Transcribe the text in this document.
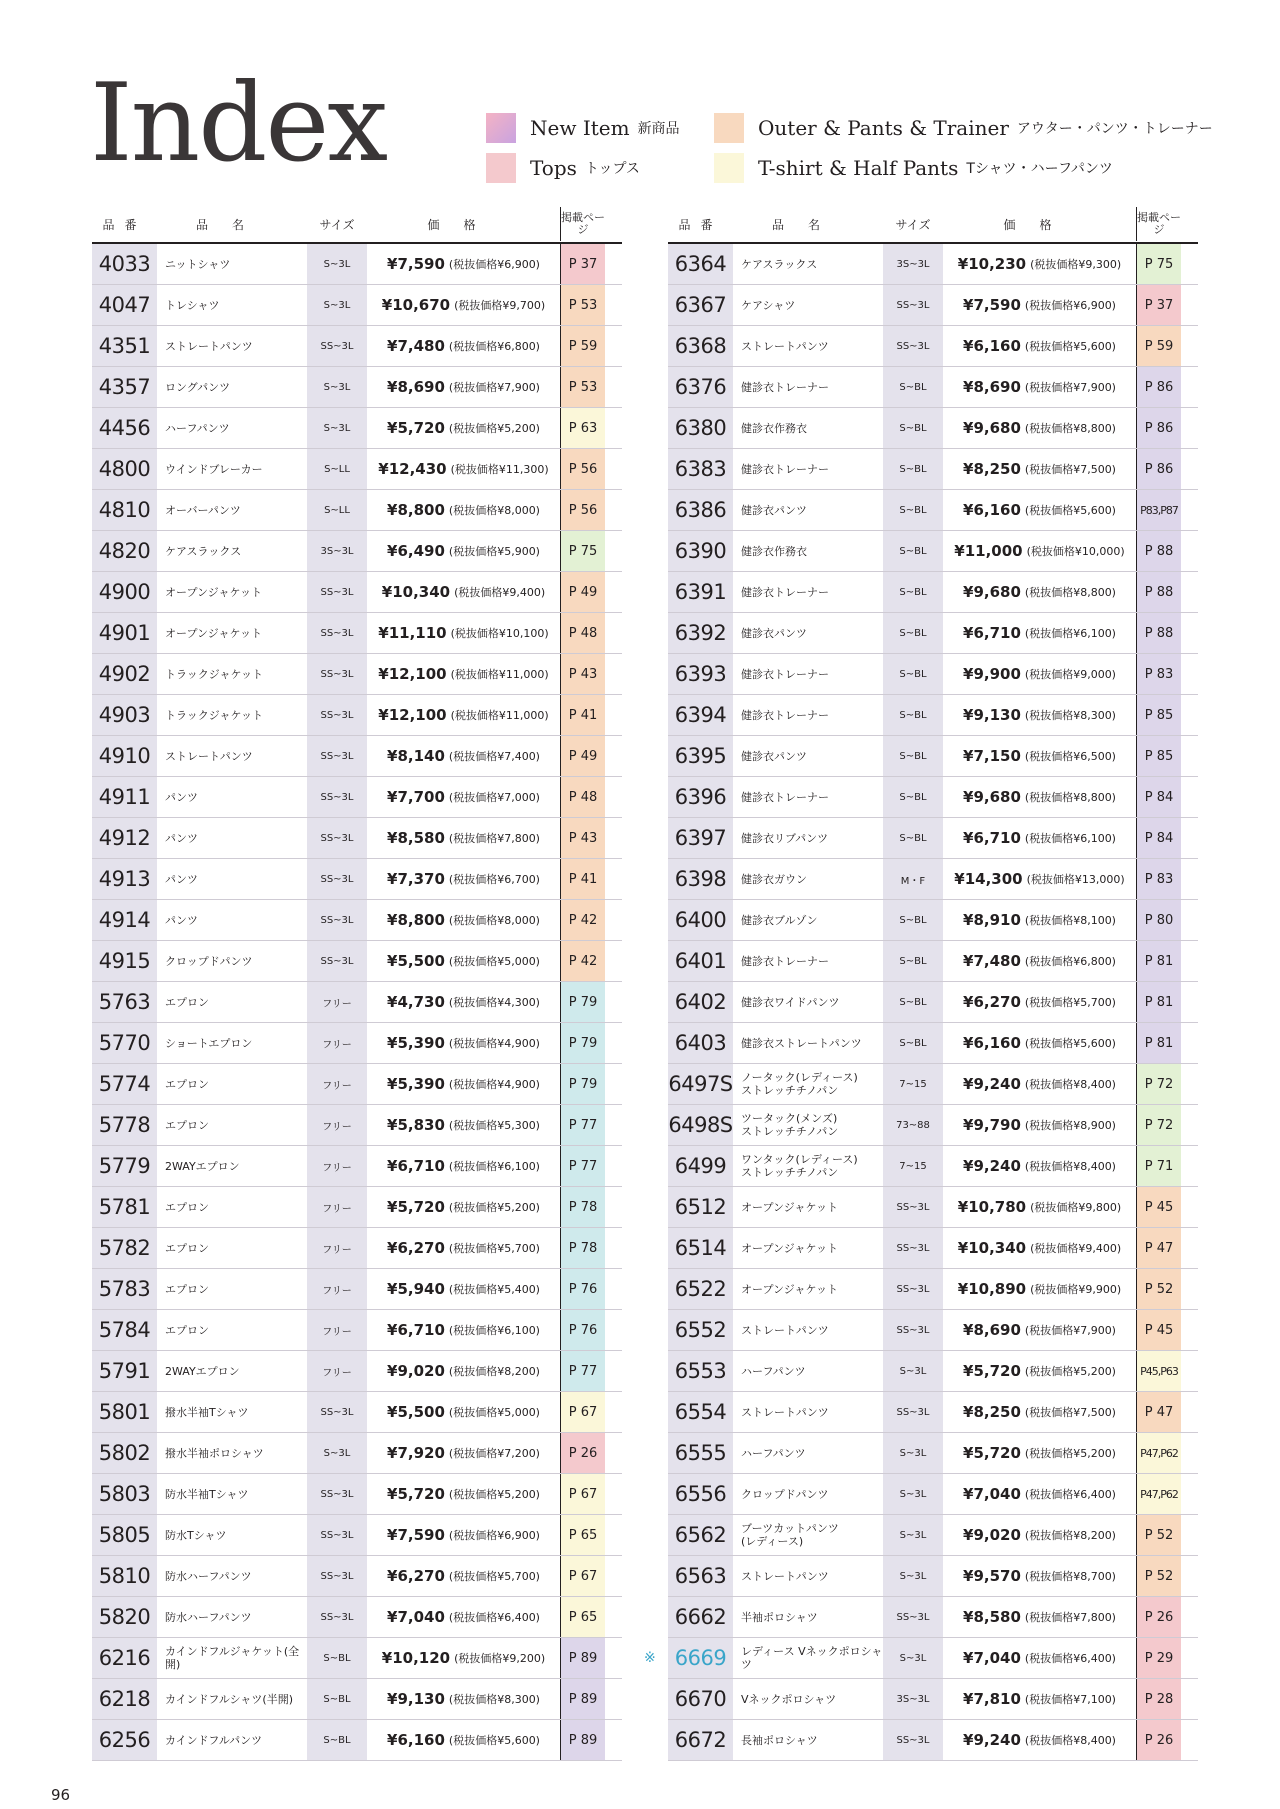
Index	New Item 新商品	Outer & Pants & Trainer アウター・パンツ・トレーナー
Tops トップス	T-shirt & Half Pants Tシャツ・ハーフパンツ
品番	品名	サイズ	価格	掲載ページ
4033	ニットシャツ	S~3L	¥7,590 (税抜価格¥6,900)	P 37
4047	トレシャツ	S~3L	¥10,670 (税抜価格¥9,700)	P 53
4351	ストレートパンツ	SS~3L	¥7,480 (税抜価格¥6,800)	P 59
4357	ロングパンツ	S~3L	¥8,690 (税抜価格¥7,900)	P 53
4456	ハーフパンツ	S~3L	¥5,720 (税抜価格¥5,200)	P 63
4800	ウインドブレーカー	S~LL	¥12,430 (税抜価格¥11,300)	P 56
4810	オーバーパンツ	S~LL	¥8,800 (税抜価格¥8,000)	P 56
4820	ケアスラックス	3S~3L	¥6,490 (税抜価格¥5,900)	P 75
4900	オープンジャケット	SS~3L	¥10,340 (税抜価格¥9,400)	P 49
4901	オープンジャケット	SS~3L	¥11,110 (税抜価格¥10,100)	P 48
4902	トラックジャケット	SS~3L	¥12,100 (税抜価格¥11,000)	P 43
4903	トラックジャケット	SS~3L	¥12,100 (税抜価格¥11,000)	P 41
4910	ストレートパンツ	SS~3L	¥8,140 (税抜価格¥7,400)	P 49
4911	パンツ	SS~3L	¥7,700 (税抜価格¥7,000)	P 48
4912	パンツ	SS~3L	¥8,580 (税抜価格¥7,800)	P 43
4913	パンツ	SS~3L	¥7,370 (税抜価格¥6,700)	P 41
4914	パンツ	SS~3L	¥8,800 (税抜価格¥8,000)	P 42
4915	クロップドパンツ	SS~3L	¥5,500 (税抜価格¥5,000)	P 42
5763	エプロン	フリー	¥4,730 (税抜価格¥4,300)	P 79
5770	ショートエプロン	フリー	¥5,390 (税抜価格¥4,900)	P 79
5774	エプロン	フリー	¥5,390 (税抜価格¥4,900)	P 79
5778	エプロン	フリー	¥5,830 (税抜価格¥5,300)	P 77
5779	2WAYエプロン	フリー	¥6,710 (税抜価格¥6,100)	P 77
5781	エプロン	フリー	¥5,720 (税抜価格¥5,200)	P 78
5782	エプロン	フリー	¥6,270 (税抜価格¥5,700)	P 78
5783	エプロン	フリー	¥5,940 (税抜価格¥5,400)	P 76
5784	エプロン	フリー	¥6,710 (税抜価格¥6,100)	P 76
5791	2WAYエプロン	フリー	¥9,020 (税抜価格¥8,200)	P 77
5801	撥水半袖Tシャツ	SS~3L	¥5,500 (税抜価格¥5,000)	P 67
5802	撥水半袖ポロシャツ	S~3L	¥7,920 (税抜価格¥7,200)	P 26
5803	防水半袖Tシャツ	SS~3L	¥5,720 (税抜価格¥5,200)	P 67
5805	防水Tシャツ	SS~3L	¥7,590 (税抜価格¥6,900)	P 65
5810	防水ハーフパンツ	SS~3L	¥6,270 (税抜価格¥5,700)	P 67
5820	防水ハーフパンツ	SS~3L	¥7,040 (税抜価格¥6,400)	P 65
6216	カインドフルジャケット(全開)	S~BL	¥10,120 (税抜価格¥9,200)	P 89
6218	カインドフルシャツ(半開)	S~BL	¥9,130 (税抜価格¥8,300)	P 89
6256	カインドフルパンツ	S~BL	¥6,160 (税抜価格¥5,600)	P 89
品番	品名	サイズ	価格	掲載ページ
6364	ケアスラックス	3S~3L	¥10,230 (税抜価格¥9,300)	P 75
6367	ケアシャツ	SS~3L	¥7,590 (税抜価格¥6,900)	P 37
6368	ストレートパンツ	SS~3L	¥6,160 (税抜価格¥5,600)	P 59
6376	健診衣トレーナー	S~BL	¥8,690 (税抜価格¥7,900)	P 86
6380	健診衣作務衣	S~BL	¥9,680 (税抜価格¥8,800)	P 86
6383	健診衣トレーナー	S~BL	¥8,250 (税抜価格¥7,500)	P 86
6386	健診衣パンツ	S~BL	¥6,160 (税抜価格¥5,600)	P83,P87
6390	健診衣作務衣	S~BL	¥11,000 (税抜価格¥10,000)	P 88
6391	健診衣トレーナー	S~BL	¥9,680 (税抜価格¥8,800)	P 88
6392	健診衣パンツ	S~BL	¥6,710 (税抜価格¥6,100)	P 88
6393	健診衣トレーナー	S~BL	¥9,900 (税抜価格¥9,000)	P 83
6394	健診衣トレーナー	S~BL	¥9,130 (税抜価格¥8,300)	P 85
6395	健診衣パンツ	S~BL	¥7,150 (税抜価格¥6,500)	P 85
6396	健診衣トレーナー	S~BL	¥9,680 (税抜価格¥8,800)	P 84
6397	健診衣リブパンツ	S~BL	¥6,710 (税抜価格¥6,100)	P 84
6398	健診衣ガウン	M・F	¥14,300 (税抜価格¥13,000)	P 83
6400	健診衣ブルゾン	S~BL	¥8,910 (税抜価格¥8,100)	P 80
6401	健診衣トレーナー	S~BL	¥7,480 (税抜価格¥6,800)	P 81
6402	健診衣ワイドパンツ	S~BL	¥6,270 (税抜価格¥5,700)	P 81
6403	健診衣ストレートパンツ	S~BL	¥6,160 (税抜価格¥5,600)	P 81
6497S ノータック(レディース)
ストレッチチノパン	7~15	¥9,240 (税抜価格¥8,400)	P 72
6498S ツータック(メンズ)
ストレッチチノパン	73~88	¥9,790 (税抜価格¥8,900)	P 72
6499	ワンタック(レディース)
ストレッチチノパン	7~15	¥9,240 (税抜価格¥8,400)	P 71
6512	オープンジャケット	SS~3L	¥10,780 (税抜価格¥9,800)	P 45
6514	オープンジャケット	SS~3L	¥10,340 (税抜価格¥9,400)	P 47
6522	オープンジャケット	SS~3L	¥10,890 (税抜価格¥9,900)	P 52
6552	ストレートパンツ	SS~3L	¥8,690 (税抜価格¥7,900)	P 45
6553	ハーフパンツ	S~3L	¥5,720 (税抜価格¥5,200)	P45,P63
6554	ストレートパンツ	SS~3L	¥8,250 (税抜価格¥7,500)	P 47
6555	ハーフパンツ	S~3L	¥5,720 (税抜価格¥5,200)	P47,P62
6556	クロップドパンツ	S~3L	¥7,040 (税抜価格¥6,400)	P47,P62
6562	ブーツカットパンツ
(レディース)	S~3L	¥9,020 (税抜価格¥8,200)	P 52
6563	ストレートパンツ	S~3L	¥9,570 (税抜価格¥8,700)	P 52
6662	半袖ポロシャツ	SS~3L	¥8,580 (税抜価格¥7,800)	P 26
※ 6669	レディース Vネックポロシャツ	S~3L	¥7,040 (税抜価格¥6,400)	P 29
6670	Vネックポロシャツ	3S~3L	¥7,810 (税抜価格¥7,100)	P 28
6672	長袖ポロシャツ	SS~3L	¥9,240 (税抜価格¥8,400)	P 26
96
